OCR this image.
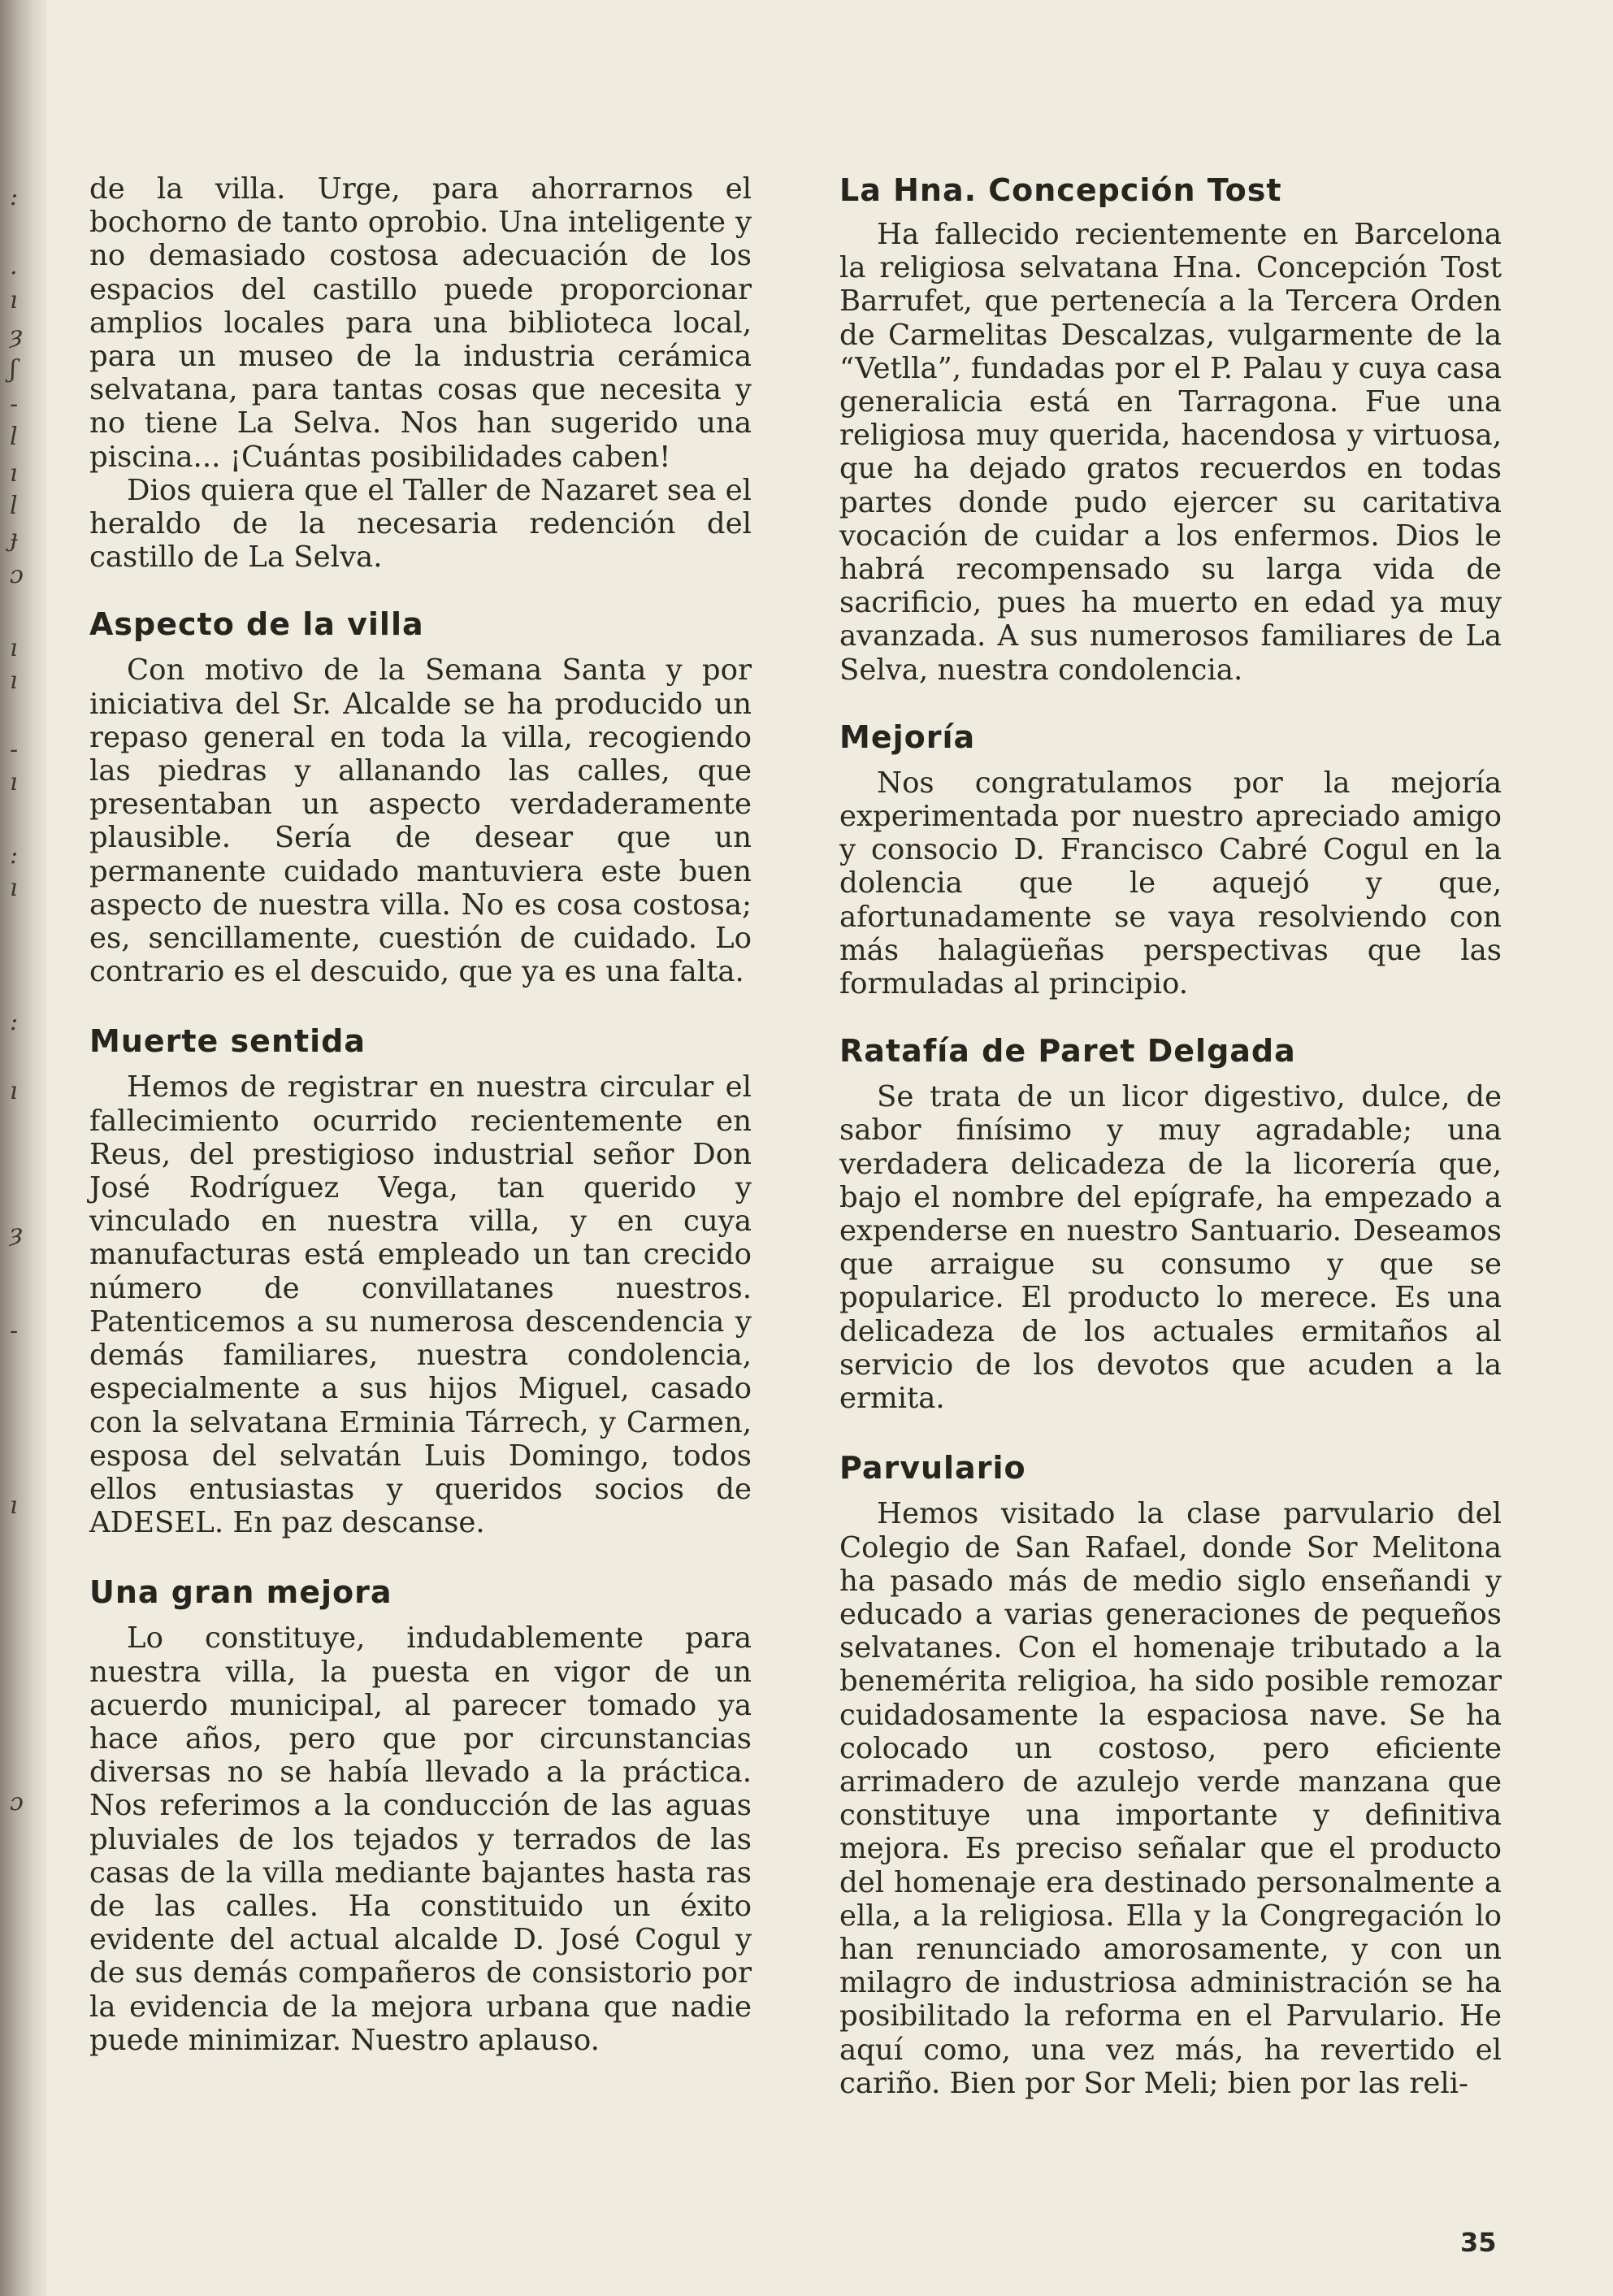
:
.
ı
ȝ
ʃ
-
l
ı
l
ɟ
ɔ
ı
ı
-
ı
:
ı
:
ı
ȝ
-
ı
ɔ

de la villa. Urge, para ahorrarnos el bochorno de tanto oprobio. Una inteligente y no demasiado costosa adecuación de los espacios del castillo puede proporcionar amplios locales para una biblioteca local, para un museo de la industria cerámica selvatana, para tantas cosas que necesita y no tiene La Selva. Nos han sugerido una piscina... ¡Cuántas posibilidades caben!

Dios quiera que el Taller de Nazaret sea el heraldo de la necesaria redención del castillo de La Selva.

Aspecto de la villa

Con motivo de la Semana Santa y por iniciativa del Sr. Alcalde se ha producido un repaso general en toda la villa, recogiendo las piedras y allanando las calles, que presentaban un aspecto verdaderamente plausible. Sería de desear que un permanente cuidado mantuviera este buen aspecto de nuestra villa. No es cosa costosa; es, sencillamente, cuestión de cuidado. Lo contrario es el descuido, que ya es una falta.

Muerte sentida

Hemos de registrar en nuestra circular el fallecimiento ocurrido recientemente en Reus, del prestigioso industrial señor Don José Rodríguez Vega, tan querido y vinculado en nuestra villa, y en cuya manufacturas está empleado un tan crecido número de convillatanes nuestros. Patenticemos a su numerosa descendencia y demás familiares, nuestra condolencia, especialmente a sus hijos Miguel, casado con la selvatana Erminia Tárrech, y Carmen, esposa del selvatán Luis Domingo, todos ellos entusiastas y queridos socios de ADESEL. En paz descanse.

Una gran mejora

Lo constituye, indudablemente para nuestra villa, la puesta en vigor de un acuerdo municipal, al parecer tomado ya hace años, pero que por circunstancias diversas no se había llevado a la práctica. Nos referimos a la conducción de las aguas pluviales de los tejados y terrados de las casas de la villa mediante bajantes hasta ras de las calles. Ha constituido un éxito evidente del actual alcalde D. José Cogul y de sus demás compañeros de consistorio por la evidencia de la mejora urbana que nadie puede minimizar. Nuestro aplauso.

La Hna. Concepción Tost

Ha fallecido recientemente en Barcelona la religiosa selvatana Hna. Concepción Tost Barrufet, que pertenecía a la Tercera Orden de Carmelitas Descalzas, vulgarmente de la “Vetlla”, fundadas por el P. Palau y cuya casa generalicia está en Tarragona. Fue una religiosa muy querida, hacendosa y virtuosa, que ha dejado gratos recuerdos en todas partes donde pudo ejercer su caritativa vocación de cuidar a los enfermos. Dios le habrá recompensado su larga vida de sacrificio, pues ha muerto en edad ya muy avanzada. A sus numerosos familiares de La Selva, nuestra condolencia.

Mejoría

Nos congratulamos por la mejoría experimentada por nuestro apreciado amigo y consocio D. Francisco Cabré Cogul en la dolencia que le aquejó y que, afortunadamente se vaya resolviendo con más halagüeñas perspectivas que las formuladas al principio.

Ratafía de Paret Delgada

Se trata de un licor digestivo, dulce, de sabor finísimo y muy agradable; una verdadera delicadeza de la licorería que, bajo el nombre del epígrafe, ha empezado a expenderse en nuestro Santuario. Deseamos que arraigue su consumo y que se popularice. El producto lo merece. Es una delicadeza de los actuales ermitaños al servicio de los devotos que acuden a la ermita.

Parvulario

Hemos visitado la clase parvulario del Colegio de San Rafael, donde Sor Melitona ha pasado más de medio siglo enseñandi y educado a varias generaciones de pequeños selvatanes. Con el homenaje tributado a la benemérita religioa, ha sido posible remozar cuidadosamente la espaciosa nave. Se ha colocado un costoso, pero eficiente arrimadero de azulejo verde manzana que constituye una importante y definitiva mejora. Es preciso señalar que el producto del homenaje era destinado personalmente a ella, a la religiosa. Ella y la Congregación lo han renunciado amorosamente, y con un milagro de industriosa administración se ha posibilitado la reforma en el Parvulario. He aquí como, una vez más, ha revertido el cariño. Bien por Sor Meli; bien por las reli-

35
